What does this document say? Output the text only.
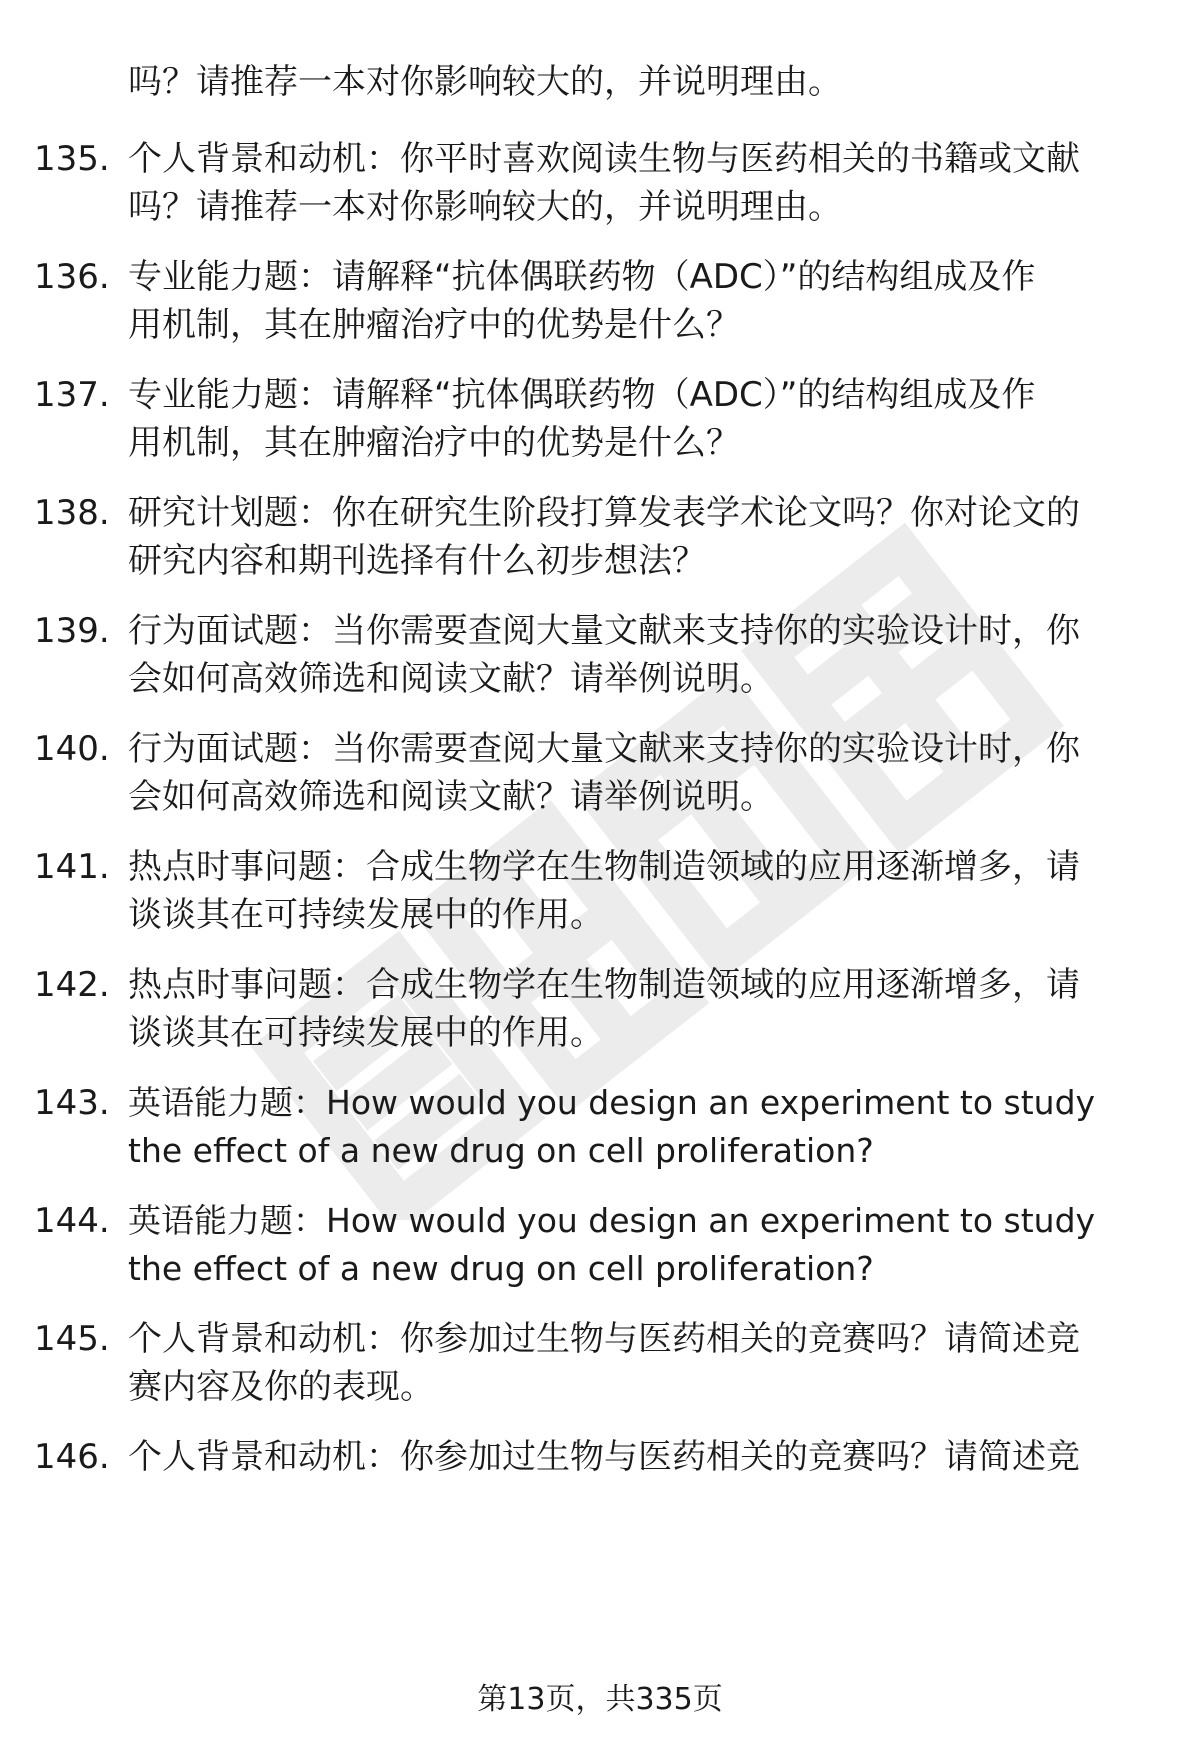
吗？请推荐一本对你影响较大的，并说明理由。
135. 个人背景和动机：你平时喜欢阅读生物与医药相关的书籍或文献
吗？请推荐一本对你影响较大的，并说明理由。
136. 专业能力题：请解释“抗体偶联药物（ADC）”的结构组成及作
用机制，其在肿瘤治疗中的优势是什么？
137. 专业能力题：请解释“抗体偶联药物（ADC）”的结构组成及作
用机制，其在肿瘤治疗中的优势是什么？
138. 研究计划题：你在研究生阶段打算发表学术论文吗？你对论文的
研究内容和期刊选择有什么初步想法？
139. 行为面试题：当你需要查阅大量文献来支持你的实验设计时，你
会如何高效筛选和阅读文献？请举例说明。
140. 行为面试题：当你需要查阅大量文献来支持你的实验设计时，你
会如何高效筛选和阅读文献？请举例说明。
141. 热点时事问题：合成生物学在生物制造领域的应用逐渐增多，请
谈谈其在可持续发展中的作用。
142. 热点时事问题：合成生物学在生物制造领域的应用逐渐增多，请
谈谈其在可持续发展中的作用。
143. 英语能力题：How would you design an experiment to study
the effect of a new drug on cell proliferation?
144. 英语能力题：How would you design an experiment to study
the effect of a new drug on cell proliferation?
145. 个人背景和动机：你参加过生物与医药相关的竞赛吗？请简述竞
赛内容及你的表现。
146. 个人背景和动机：你参加过生物与医药相关的竞赛吗？请简述竞
第13页，共335页
